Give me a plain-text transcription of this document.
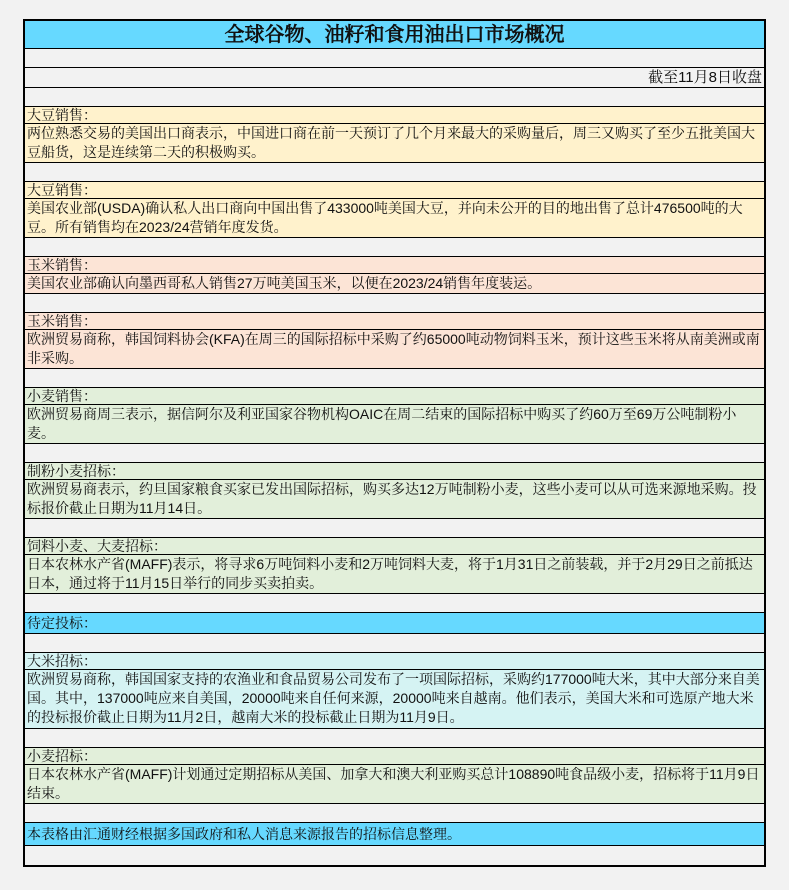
全球谷物、油籽和食用油出口市场概况
截至11月8日收盘
大豆销售：
两位熟悉交易的美国出口商表示，中国进口商在前一天预订了几个月来最大的采购量后，周三又购买了至少五批美国大豆船货，这是连续第二天的积极购买。
大豆销售：
美国农业部(USDA)确认私人出口商向中国出售了433000吨美国大豆，并向未公开的目的地出售了总计476500吨的大豆。所有销售均在2023/24营销年度发货。
玉米销售：
美国农业部确认向墨西哥私人销售27万吨美国玉米，以便在2023/24销售年度装运。
玉米销售：
欧洲贸易商称，韩国饲料协会(KFA)在周三的国际招标中采购了约65000吨动物饲料玉米，预计这些玉米将从南美洲或南非采购。
小麦销售：
欧洲贸易商周三表示，据信阿尔及利亚国家谷物机构OAIC在周二结束的国际招标中购买了约60万至69万公吨制粉小麦。
制粉小麦招标：
欧洲贸易商表示，约旦国家粮食买家已发出国际招标，购买多达12万吨制粉小麦，这些小麦可以从可选来源地采购。投标报价截止日期为11月14日。
饲料小麦、大麦招标：
日本农林水产省(MAFF)表示，将寻求6万吨饲料小麦和2万吨饲料大麦，将于1月31日之前装载，并于2月29日之前抵达日本，通过将于11月15日举行的同步买卖拍卖。
待定投标：
大米招标：
欧洲贸易商称，韩国国家支持的农渔业和食品贸易公司发布了一项国际招标，采购约177000吨大米，其中大部分来自美国。其中，137000吨应来自美国，20000吨来自任何来源，20000吨来自越南。他们表示，美国大米和可选原产地大米的投标报价截止日期为11月2日，越南大米的投标截止日期为11月9日。
小麦招标：
日本农林水产省(MAFF)计划通过定期招标从美国、加拿大和澳大利亚购买总计108890吨食品级小麦，招标将于11月9日结束。
本表格由汇通财经根据多国政府和私人消息来源报告的招标信息整理。
